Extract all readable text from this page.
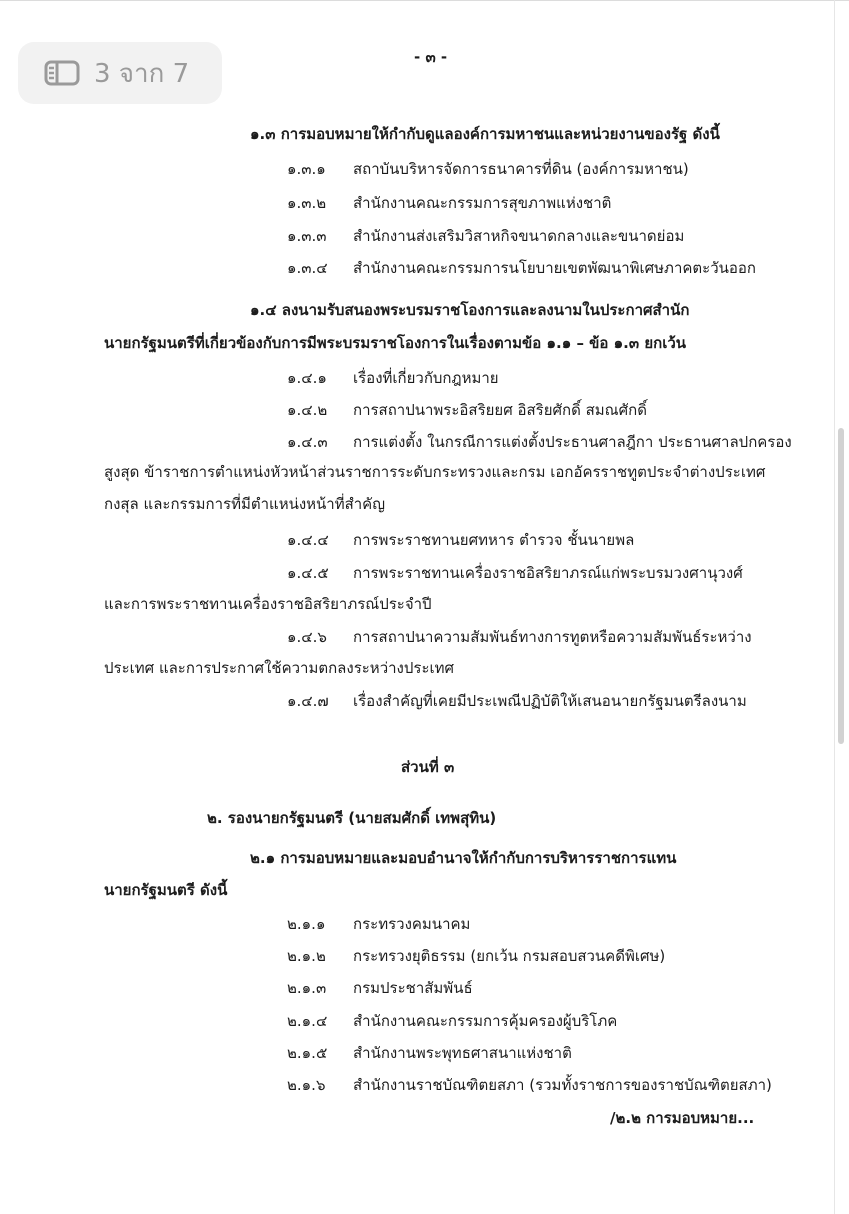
3 จาก 7
- ๓ -
๑.๓ การมอบหมายให้กำกับดูแลองค์การมหาชนและหน่วยงานของรัฐ ดังนี้
๑.๓.๑ สถาบันบริหารจัดการธนาคารที่ดิน (องค์การมหาชน)
๑.๓.๒ สำนักงานคณะกรรมการสุขภาพแห่งชาติ
๑.๓.๓ สำนักงานส่งเสริมวิสาหกิจขนาดกลางและขนาดย่อม
๑.๓.๔ สำนักงานคณะกรรมการนโยบายเขตพัฒนาพิเศษภาคตะวันออก
๑.๔ ลงนามรับสนองพระบรมราชโองการและลงนามในประกาศสำนัก
นายกรัฐมนตรีที่เกี่ยวข้องกับการมีพระบรมราชโองการในเรื่องตามข้อ ๑.๑ – ข้อ ๑.๓ ยกเว้น
๑.๔.๑ เรื่องที่เกี่ยวกับกฎหมาย
๑.๔.๒ การสถาปนาพระอิสริยยศ อิสริยศักดิ์ สมณศักดิ์
๑.๔.๓ การแต่งตั้ง ในกรณีการแต่งตั้งประธานศาลฎีกา ประธานศาลปกครอง
สูงสุด ข้าราชการตำแหน่งหัวหน้าส่วนราชการระดับกระทรวงและกรม เอกอัครราชทูตประจำต่างประเทศ
กงสุล และกรรมการที่มีตำแหน่งหน้าที่สำคัญ
๑.๔.๔ การพระราชทานยศทหาร ตำรวจ ชั้นนายพล
๑.๔.๕ การพระราชทานเครื่องราชอิสริยาภรณ์แก่พระบรมวงศานุวงศ์
และการพระราชทานเครื่องราชอิสริยาภรณ์ประจำปี
๑.๔.๖ การสถาปนาความสัมพันธ์ทางการทูตหรือความสัมพันธ์ระหว่าง
ประเทศ และการประกาศใช้ความตกลงระหว่างประเทศ
๑.๔.๗ เรื่องสำคัญที่เคยมีประเพณีปฏิบัติให้เสนอนายกรัฐมนตรีลงนาม
ส่วนที่ ๓
๒. รองนายกรัฐมนตรี (นายสมศักดิ์ เทพสุทิน)
๒.๑ การมอบหมายและมอบอำนาจให้กำกับการบริหารราชการแทน
นายกรัฐมนตรี ดังนี้
๒.๑.๑ กระทรวงคมนาคม
๒.๑.๒ กระทรวงยุติธรรม (ยกเว้น กรมสอบสวนคดีพิเศษ)
๒.๑.๓ กรมประชาสัมพันธ์
๒.๑.๔ สำนักงานคณะกรรมการคุ้มครองผู้บริโภค
๒.๑.๕ สำนักงานพระพุทธศาสนาแห่งชาติ
๒.๑.๖ สำนักงานราชบัณฑิตยสภา (รวมทั้งราชการของราชบัณฑิตยสภา)
/๒.๒ การมอบหมาย...
